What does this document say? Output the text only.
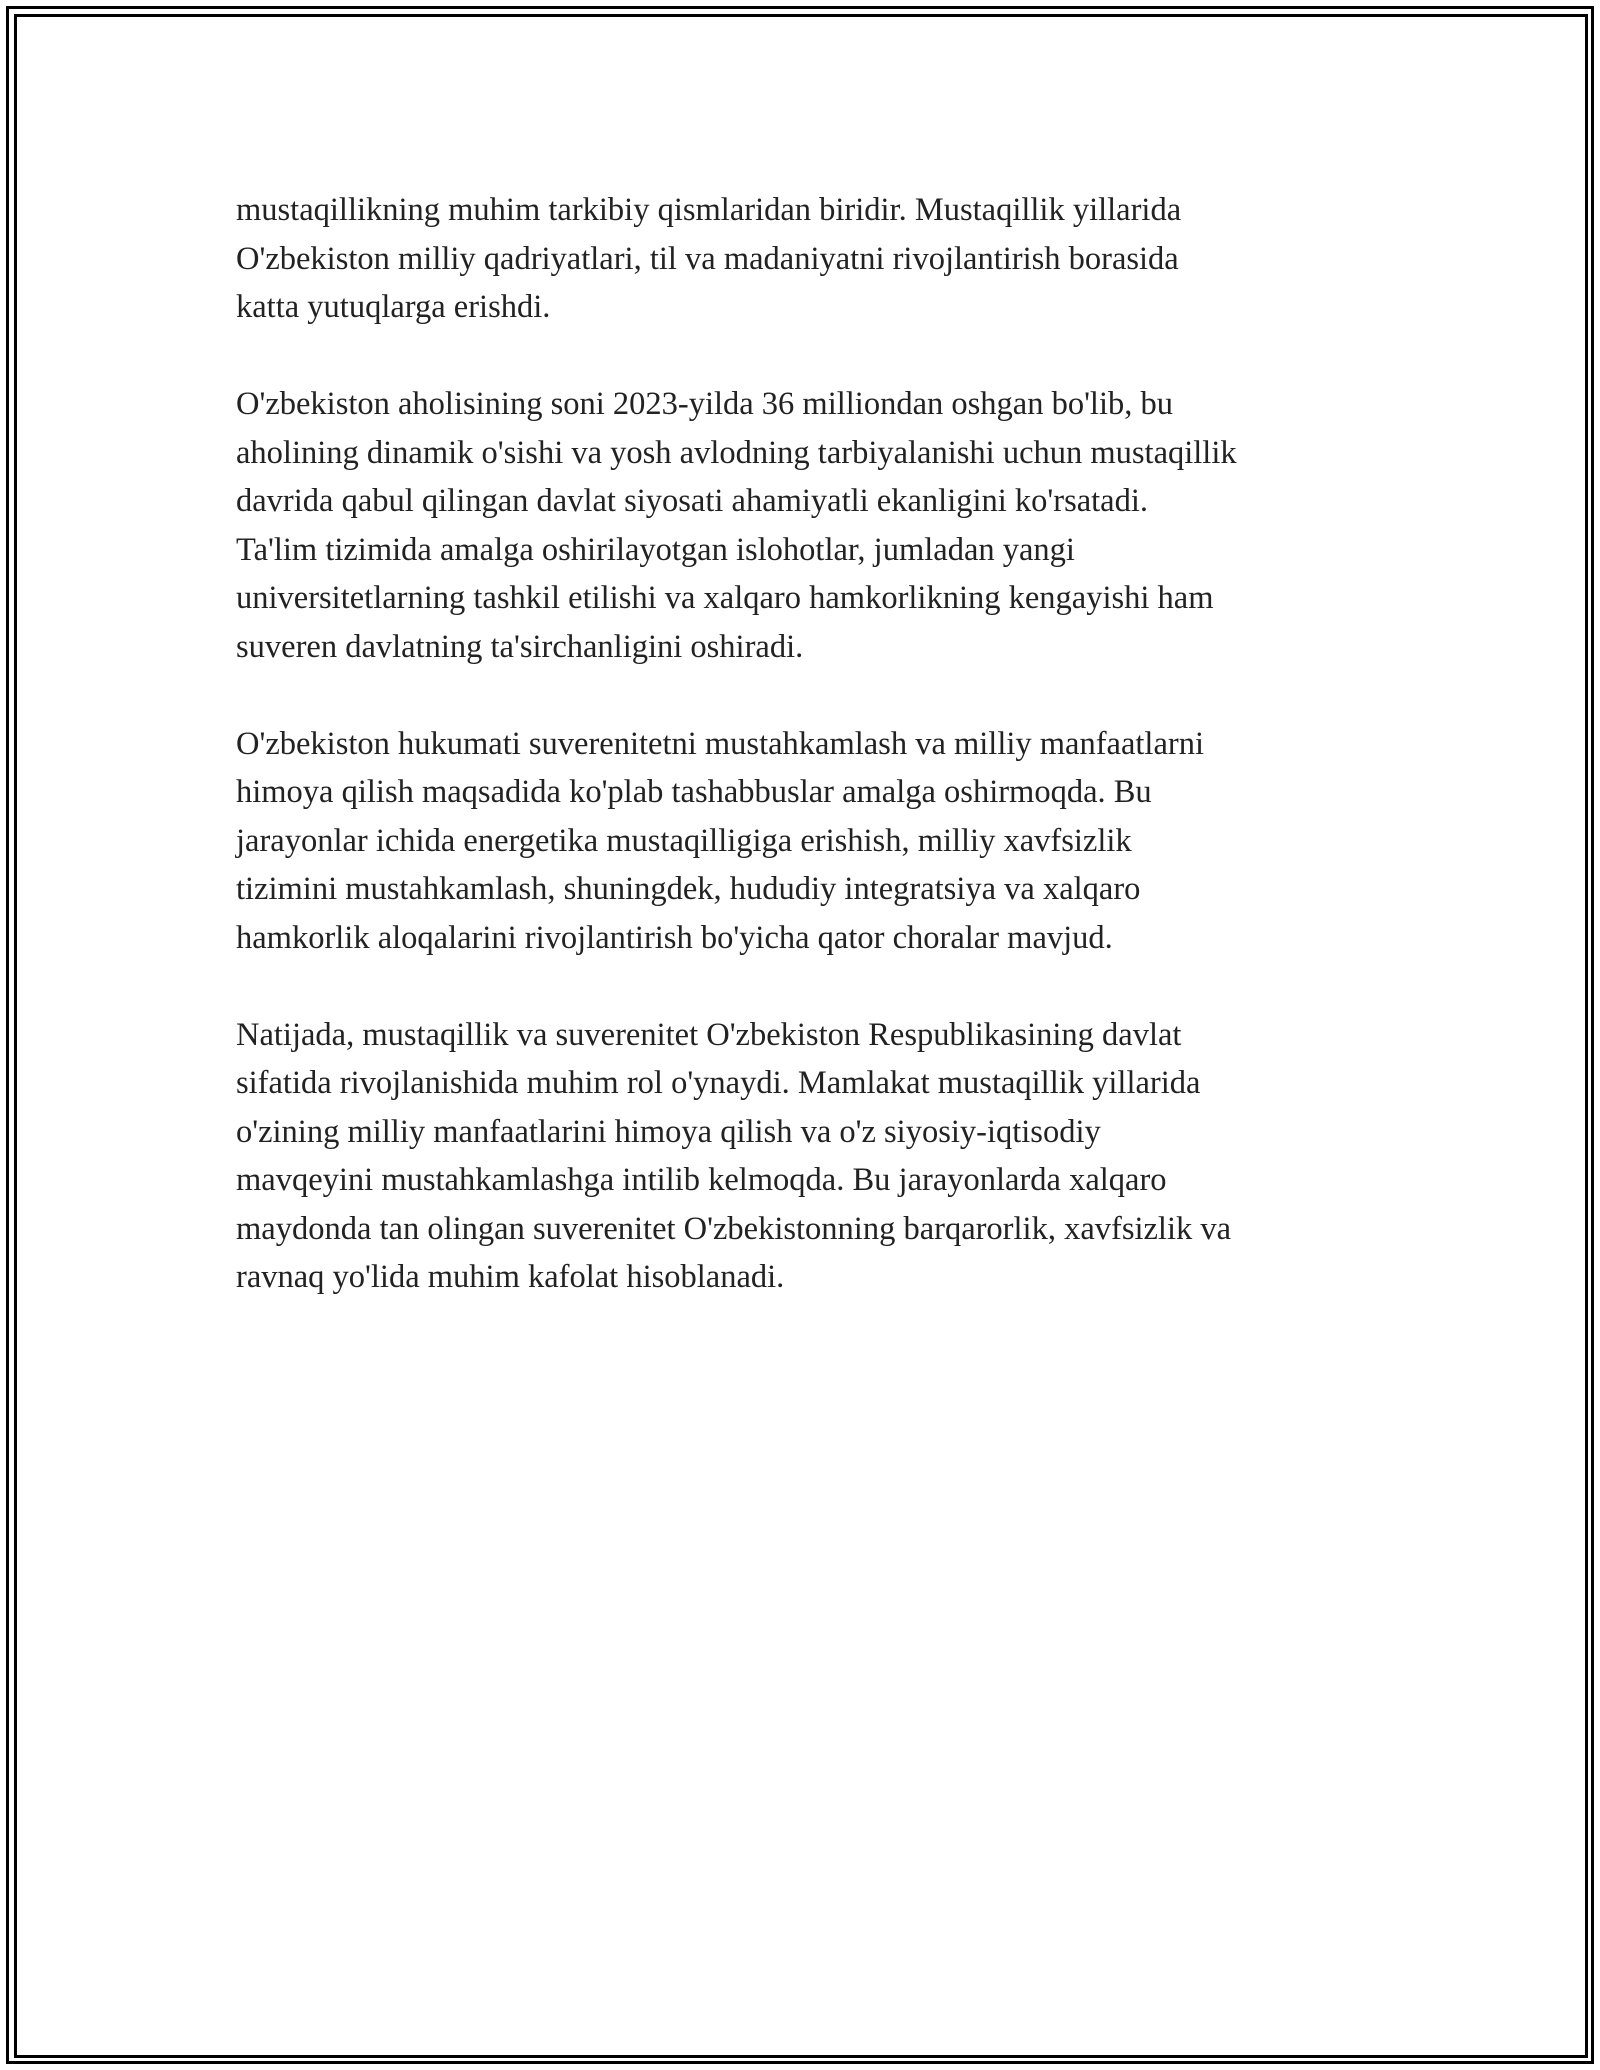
mustaqillikning muhim tarkibiy qismlaridan biridir. Mustaqillik yillarida
O'zbekiston milliy qadriyatlari, til va madaniyatni rivojlantirish borasida
katta yutuqlarga erishdi.

O'zbekiston aholisining soni 2023-yilda 36 milliondan oshgan bo'lib, bu
aholining dinamik o'sishi va yosh avlodning tarbiyalanishi uchun mustaqillik
davrida qabul qilingan davlat siyosati ahamiyatli ekanligini ko'rsatadi.
Ta'lim tizimida amalga oshirilayotgan islohotlar, jumladan yangi
universitetlarning tashkil etilishi va xalqaro hamkorlikning kengayishi ham
suveren davlatning ta'sirchanligini oshiradi.

O'zbekiston hukumati suverenitetni mustahkamlash va milliy manfaatlarni
himoya qilish maqsadida ko'plab tashabbuslar amalga oshirmoqda. Bu
jarayonlar ichida energetika mustaqilligiga erishish, milliy xavfsizlik
tizimini mustahkamlash, shuningdek, hududiy integratsiya va xalqaro
hamkorlik aloqalarini rivojlantirish bo'yicha qator choralar mavjud.

Natijada, mustaqillik va suverenitet O'zbekiston Respublikasining davlat
sifatida rivojlanishida muhim rol o'ynaydi. Mamlakat mustaqillik yillarida
o'zining milliy manfaatlarini himoya qilish va o'z siyosiy-iqtisodiy
mavqeyini mustahkamlashga intilib kelmoqda. Bu jarayonlarda xalqaro
maydonda tan olingan suverenitet O'zbekistonning barqarorlik, xavfsizlik va
ravnaq yo'lida muhim kafolat hisoblanadi.
